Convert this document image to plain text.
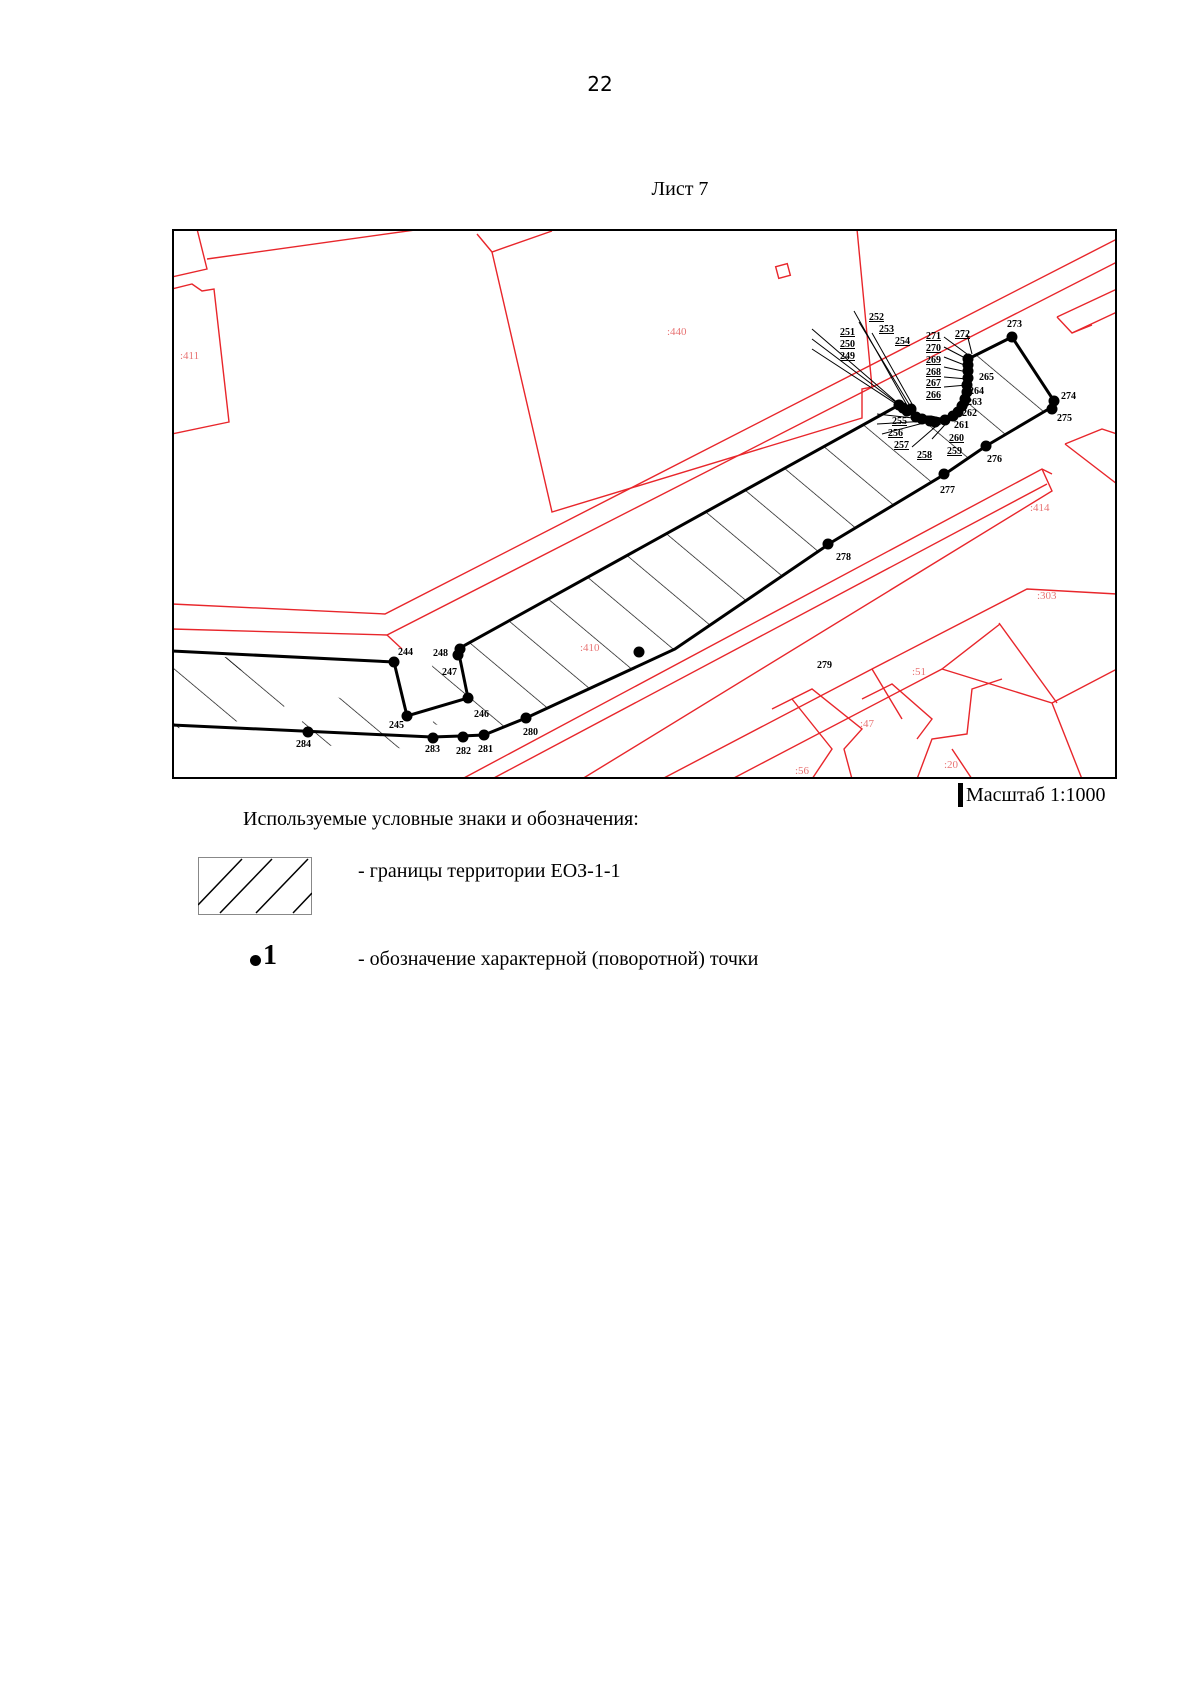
22
Лист 7
:440
:411
:410
:303
:51
:47
:56	:20
:414
244
245
246
247
248
249
250
251
252
253
254
255
256
257
258 259
260
261
262
263
264
265
266
267
268
269
270
271 272
273
274
275
276
277
278
279
280
281
282
283
284
Масштаб 1:1000
Используемые условные знаки и обозначения:
- границы территории ЕОЗ-1-1
1	- обозначение характерной (поворотной) точки
